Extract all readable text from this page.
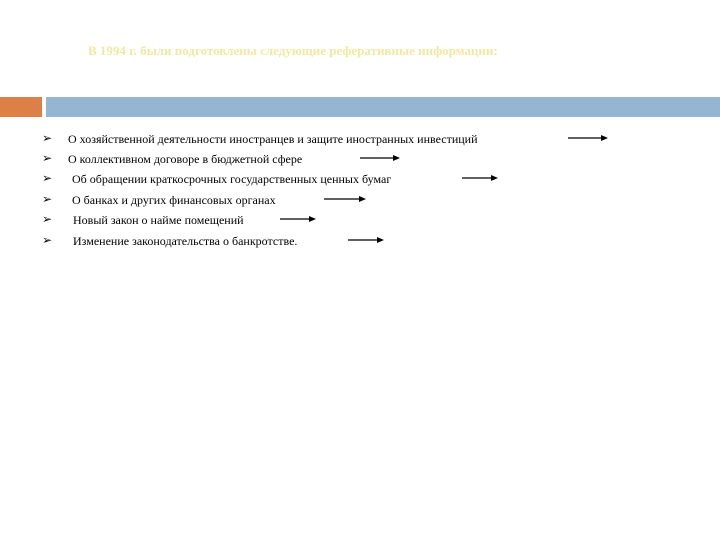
В 1994 г. были подготовлены следующие реферативные информации:
➢ О хозяйственной деятельности иностранцев и защите иностранных инвестиций
➢ О коллективном договоре в бюджетной сфере
➢ Об обращении краткосрочных государственных ценных бумаг
➢ О банках и других финансовых органах
➢ Новый закон о найме помещений
➢ Изменение законодательства о банкротстве.
